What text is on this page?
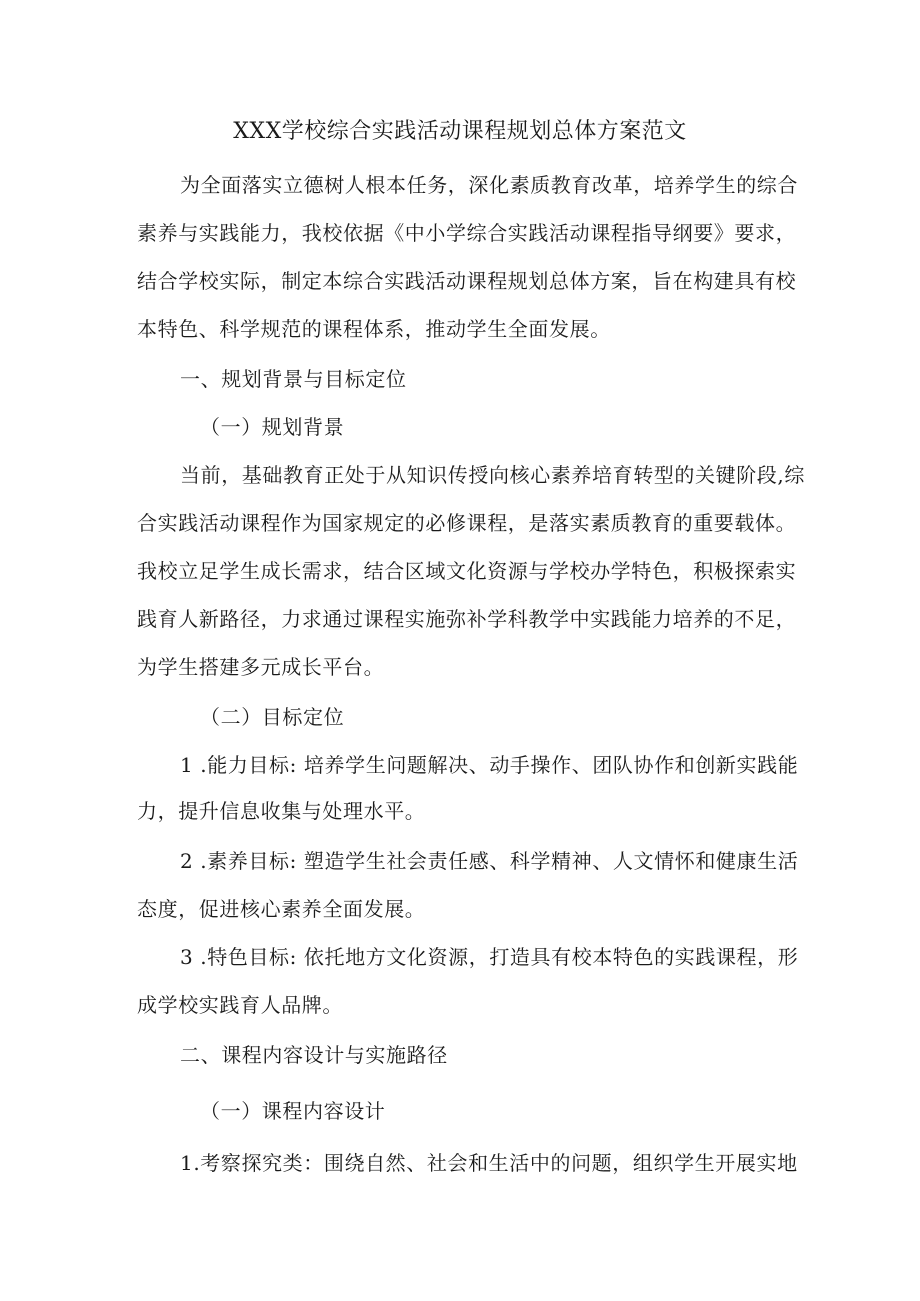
XXX学校综合实践活动课程规划总体方案范文
为全面落实立德树人根本任务，深化素质教育改革，培养学生的综合
素养与实践能力，我校依据《中小学综合实践活动课程指导纲要》要求，
结合学校实际，制定本综合实践活动课程规划总体方案，旨在构建具有校
本特色、科学规范的课程体系，推动学生全面发展。
一、规划背景与目标定位
（一）规划背景
当前，基础教育正处于从知识传授向核心素养培育转型的关键阶段,综
合实践活动课程作为国家规定的必修课程，是落实素质教育的重要载体。
我校立足学生成长需求，结合区域文化资源与学校办学特色，积极探索实
践育人新路径，力求通过课程实施弥补学科教学中实践能力培养的不足，
为学生搭建多元成长平台。
（二）目标定位
1 .能力目标: 培养学生问题解决、动手操作、团队协作和创新实践能
力，提升信息收集与处理水平。
2 .素养目标: 塑造学生社会责任感、科学精神、人文情怀和健康生活
态度，促进核心素养全面发展。
3 .特色目标: 依托地方文化资源，打造具有校本特色的实践课程，形
成学校实践育人品牌。
二、课程内容设计与实施路径
（一）课程内容设计
1.考察探究类：围绕自然、社会和生活中的问题，组织学生开展实地
